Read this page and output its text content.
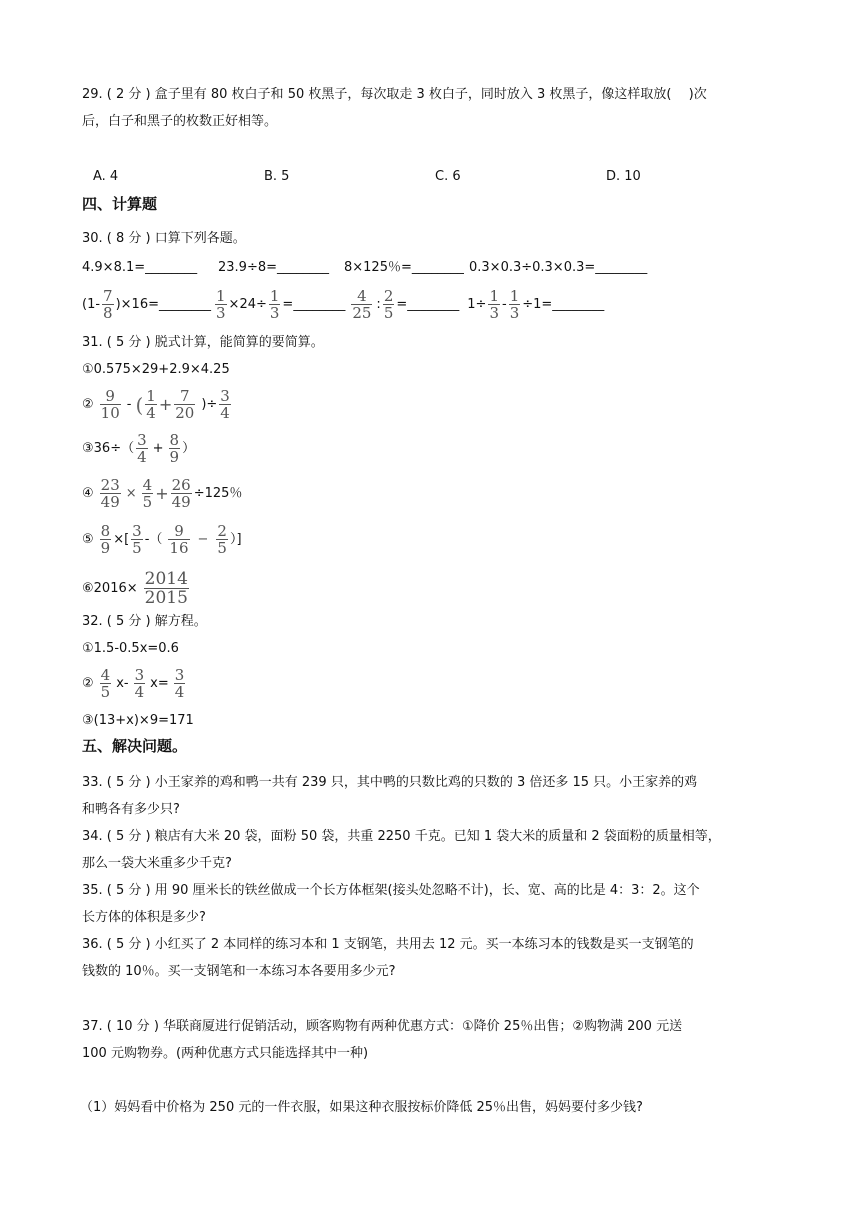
29. ( 2 分 ) 盒子里有 80 枚白子和 50 枚黑子，每次取走 3 枚白子，同时放入 3 枚黑子，像这样取放(　 )次
后，白子和黑子的枚数正好相等。
A. 4	B. 5	C. 6	D. 10
四、计算题
30. ( 8 分 ) 口算下列各题。
4.9×8.1=________ 23.9÷8=________ 8×125％=________ 0.3×0.3÷0.3×0.3=________
($1- \frac{7}{8}$ )×16=________ $\frac{1}{3} \times 24\div \frac{1}{3}$ =________ $\frac{4}{25}$ : $\frac{2}{5}$ =________ $1\div \frac{1}{3} - \frac{1}{3}$ ÷1=________
31. ( 5 分 ) 脱式计算，能简算的要简算。
①0.575×29+2.9×4.25
② $\frac{9}{10}$ - ( $\frac{1}{4} + \frac{7}{20}$ )÷ $\frac{3}{4}$
③36÷（ $\frac{3}{4} + \frac{8}{9}$ ）
④ $\frac{23}{49} \times \frac{4}{5} + \frac{26}{49} \div 125$％
⑤ $\frac{8}{9}$ ×[ $\frac{3}{5}$ -（ $\frac{9}{16} - \frac{2}{5}$ ）]
⑥2016× $\frac{2014}{2015}$
32. ( 5 分 ) 解方程。
①1.5-0.5x=0.6
② $\frac{4}{5} x- \frac{3}{4} x= \frac{3}{4}$
③(13+x)×9=171
五、解决问题。
33. ( 5 分 ) 小王家养的鸡和鸭一共有 239 只，其中鸭的只数比鸡的只数的 3 倍还多 15 只。小王家养的鸡
和鸭各有多少只?
34. ( 5 分 ) 粮店有大米 20 袋，面粉 50 袋，共重 2250 千克。已知 1 袋大米的质量和 2 袋面粉的质量相等，
那么一袋大米重多少千克?
35. ( 5 分 ) 用 90 厘米长的铁丝做成一个长方体框架(接头处忽略不计)，长、宽、高的比是 4：3：2。这个
长方体的体积是多少?
36. ( 5 分 ) 小红买了 2 本同样的练习本和 1 支钢笔，共用去 12 元。买一本练习本的钱数是买一支钢笔的
钱数的 10％。买一支钢笔和一本练习本各要用多少元?
37. ( 10 分 ) 华联商厦进行促销活动，顾客购物有两种优惠方式：①降价 25％出售；②购物满 200 元送
100 元购物券。(两种优惠方式只能选择其中一种)
（1）妈妈看中价格为 250 元的一件衣服，如果这种衣服按标价降低 25％出售，妈妈要付多少钱?
